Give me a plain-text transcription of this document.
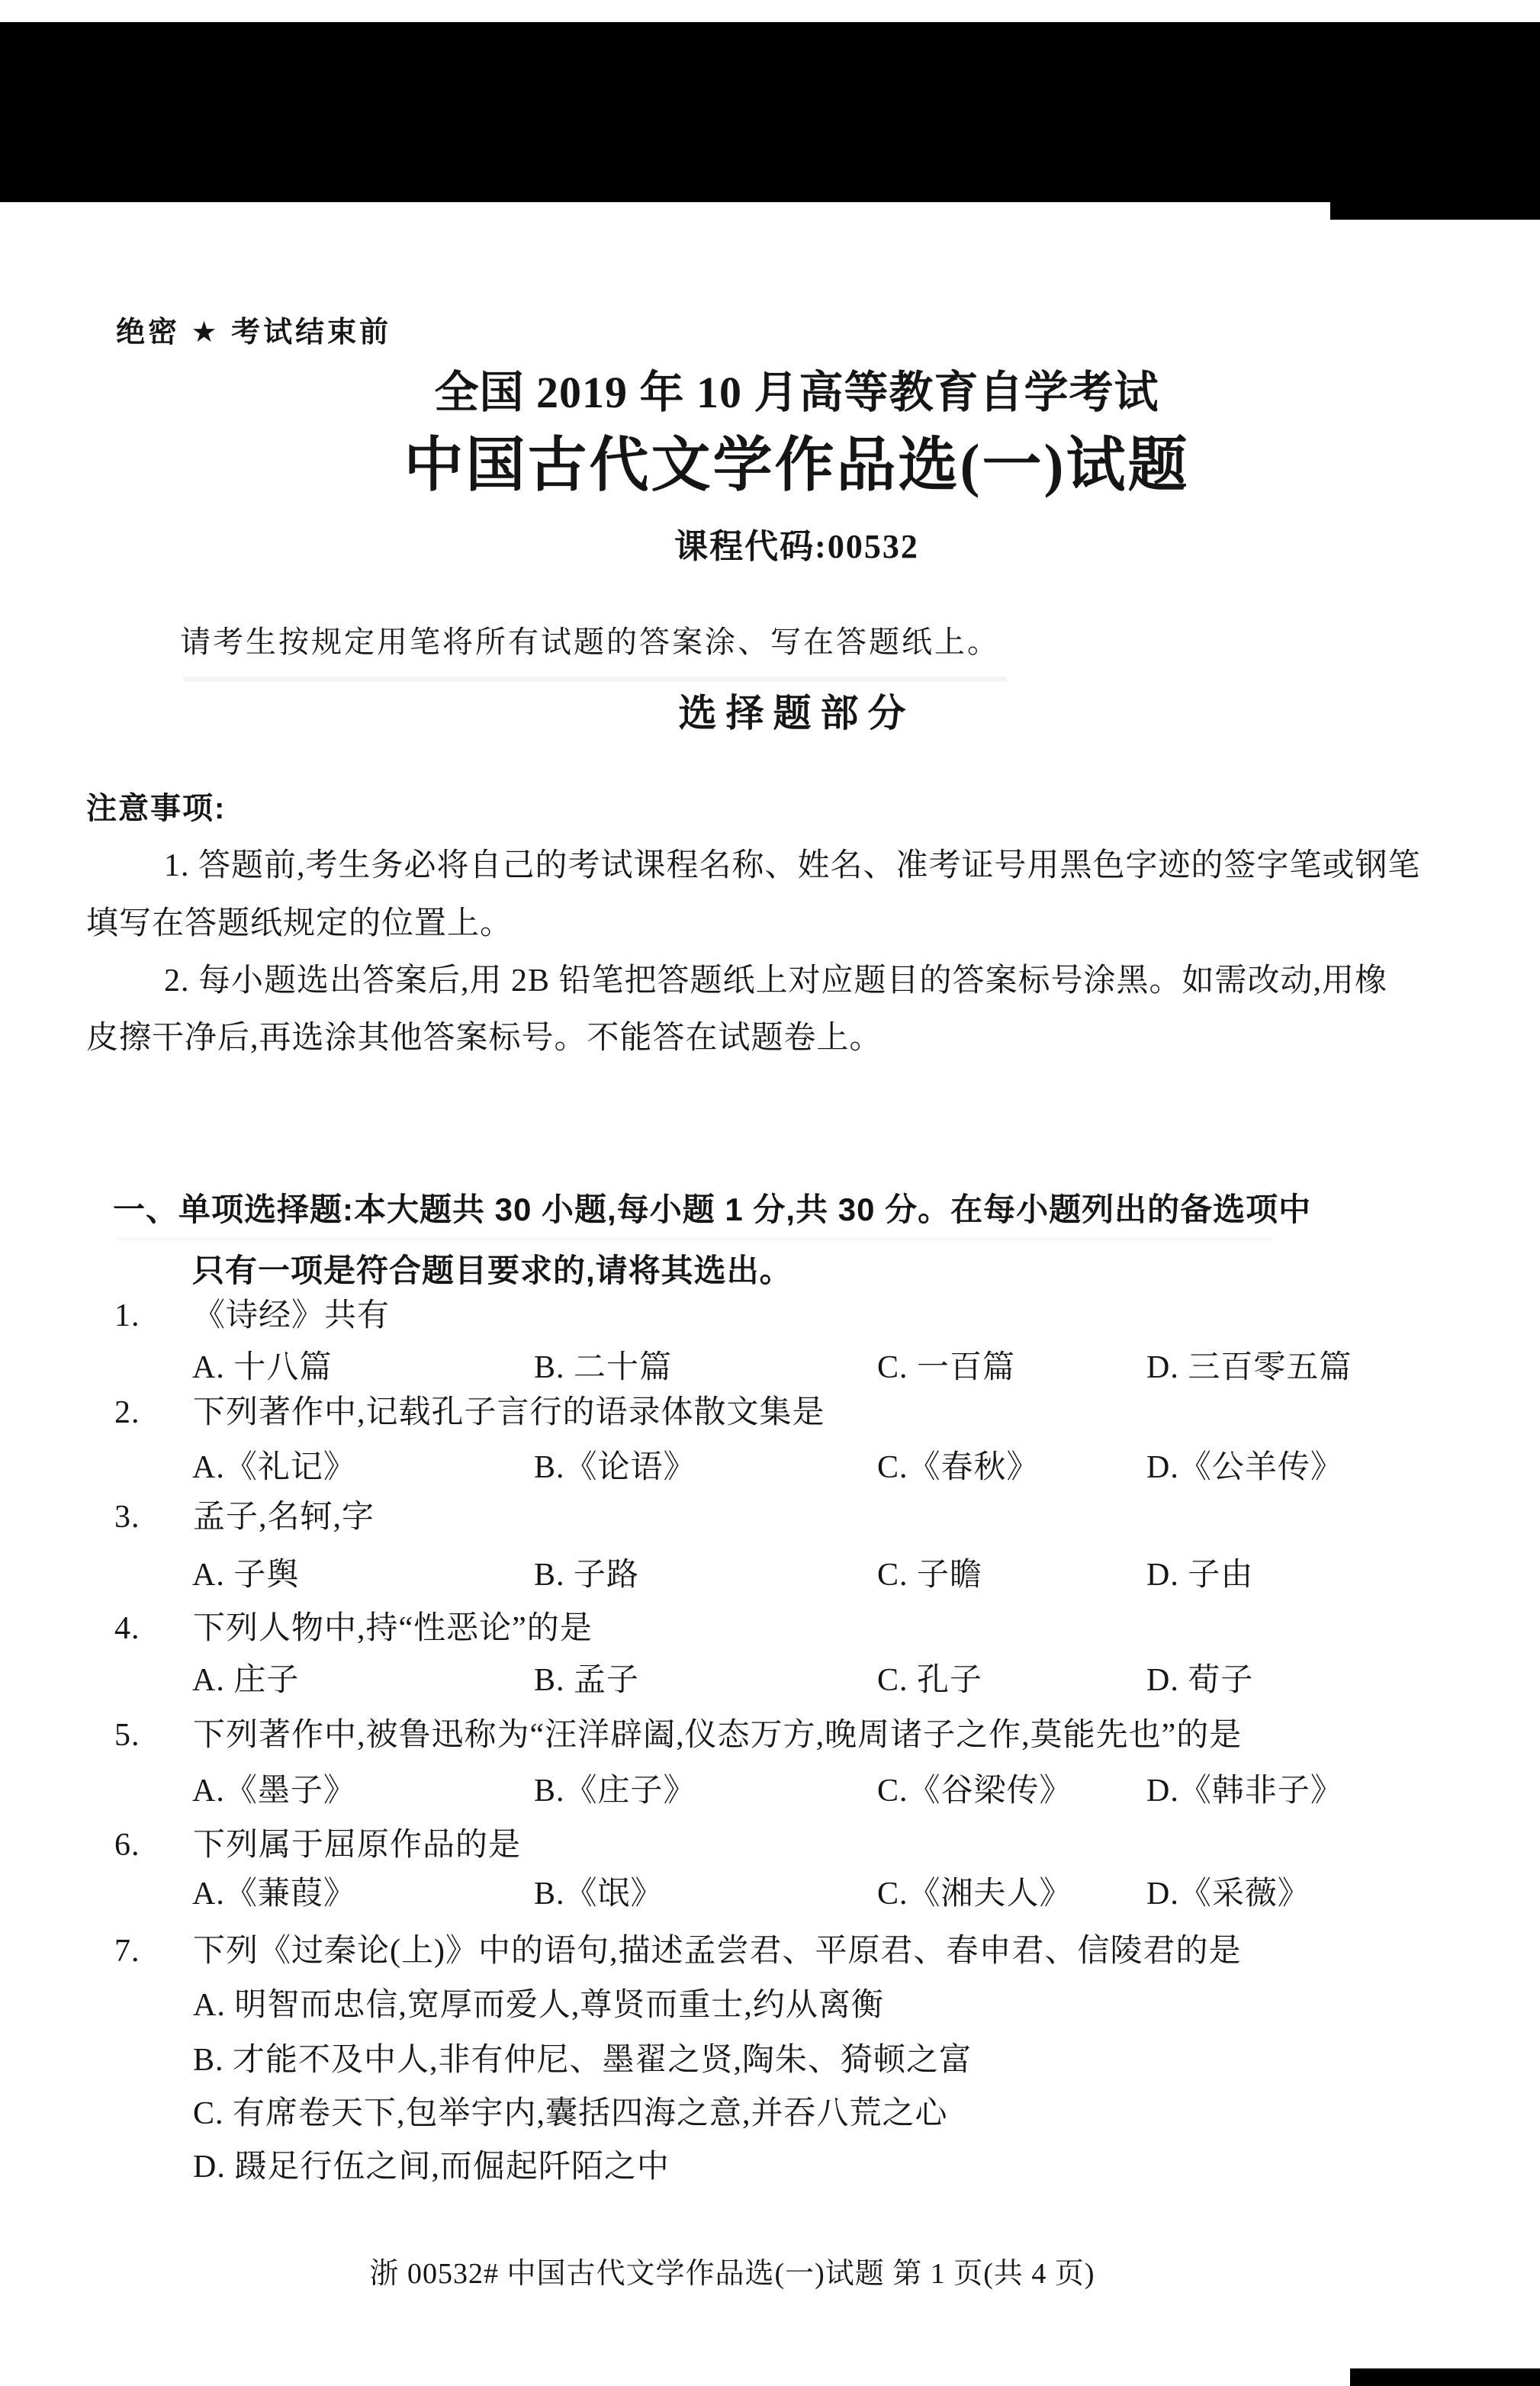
绝密 ★ 考试结束前
全国 2019 年 10 月高等教育自学考试
中国古代文学作品选(一)试题
课程代码:00532
请考生按规定用笔将所有试题的答案涂、写在答题纸上。
选择题部分
注意事项:
1. 答题前,考生务必将自己的考试课程名称、姓名、准考证号用黑色字迹的签字笔或钢笔
填写在答题纸规定的位置上。
2. 每小题选出答案后,用 2B 铅笔把答题纸上对应题目的答案标号涂黑。如需改动,用橡
皮擦干净后,再选涂其他答案标号。不能答在试题卷上。
一、单项选择题:本大题共 30 小题,每小题 1 分,共 30 分。在每小题列出的备选项中
只有一项是符合题目要求的,请将其选出。
1. 《诗经》共有
A. 十八篇	B. 二十篇	C. 一百篇	D. 三百零五篇
2. 下列著作中,记载孔子言行的语录体散文集是
A.《礼记》	B.《论语》	C.《春秋》	D.《公羊传》
3. 孟子,名轲,字
A. 子舆	B. 子路	C. 子瞻	D. 子由
4. 下列人物中,持“性恶论”的是
A. 庄子	B. 孟子	C. 孔子	D. 荀子
5. 下列著作中,被鲁迅称为“汪洋辟阖,仪态万方,晚周诸子之作,莫能先也”的是
A.《墨子》	B.《庄子》	C.《谷梁传》 D.《韩非子》
6. 下列属于屈原作品的是
A.《蒹葭》	B.《氓》	C.《湘夫人》 D.《采薇》
7. 下列《过秦论(上)》中的语句,描述孟尝君、平原君、春申君、信陵君的是
A. 明智而忠信,宽厚而爱人,尊贤而重士,约从离衡
B. 才能不及中人,非有仲尼、墨翟之贤,陶朱、猗顿之富
C. 有席卷天下,包举宇内,囊括四海之意,并吞八荒之心
D. 蹑足行伍之间,而倔起阡陌之中
浙 00532# 中国古代文学作品选(一)试题 第 1 页(共 4 页)
